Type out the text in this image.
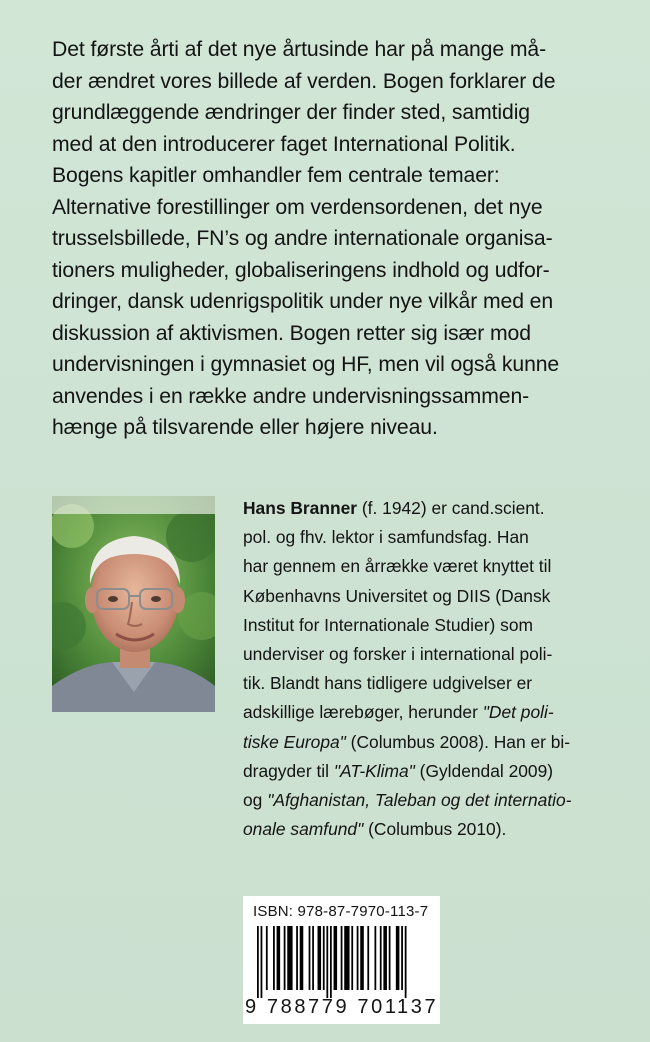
Det første årti af det nye årtusinde har på mange må-
der ændret vores billede af verden. Bogen forklarer de
grundlæggende ændringer der finder sted, samtidig
med at den introducerer faget International Politik.
Bogens kapitler omhandler fem centrale temaer:
Alternative forestillinger om verdensordenen, det nye
trusselsbillede, FN’s og andre internationale organisa-
tioners muligheder, globaliseringens indhold og udfor-
dringer, dansk udenrigspolitik under nye vilkår med en
diskussion af aktivismen. Bogen retter sig især mod
undervisningen i gymnasiet og HF, men vil også kunne
anvendes i en række andre undervisningssammen-
hænge på tilsvarende eller højere niveau.

Hans Branner (f. 1942) er cand.scient.
pol. og fhv. lektor i samfundsfag. Han
har gennem en årrække været knyttet til
Københavns Universitet og DIIS (Dansk
Institut for Internationale Studier) som
underviser og forsker i international poli-
tik. Blandt hans tidligere udgivelser er
adskillige lærebøger, herunder "Det poli-
tiske Europa" (Columbus 2008). Han er bi-
dragyder til "AT-Klima" (Gyldendal 2009)
og "Afghanistan, Taleban og det internatio-
onale samfund" (Columbus 2010).

ISBN: 978-87-7970-113-7
9 788779 701137
